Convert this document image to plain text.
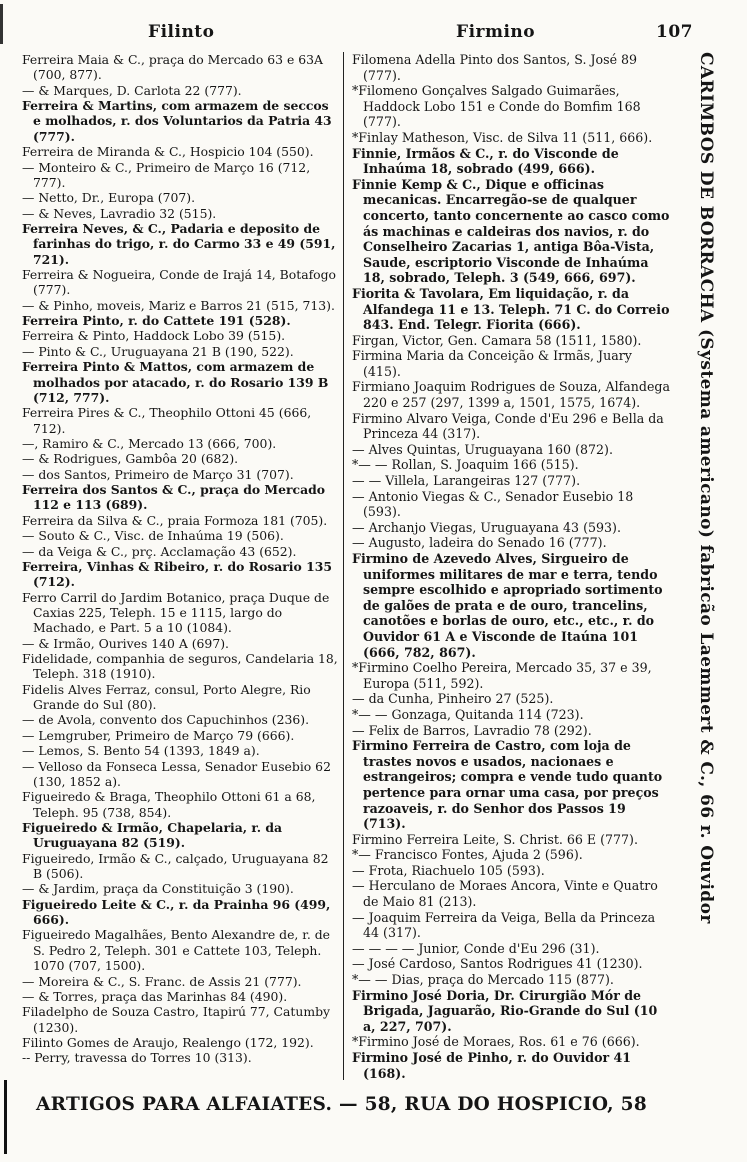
Filinto	Firmino	107
Ferreira Maia & C., praça do Mercado 63 e 63A (700, 877).
— & Marques, D. Carlota 22 (777).
Ferreira & Martins, com armazem de seccos e molhados, r. dos Voluntarios da Patria 43 (777).
Ferreira de Miranda & C., Hospicio 104 (550).
— Monteiro & C., Primeiro de Março 16 (712, 777).
— Netto, Dr., Europa (707).
— & Neves, Lavradio 32 (515).
Ferreira Neves, & C., Padaria e deposito de farinhas do trigo, r. do Carmo 33 e 49 (591, 721).
Ferreira & Nogueira, Conde de Irajá 14, Botafogo (777).
— & Pinho, moveis, Mariz e Barros 21 (515, 713).
Ferreira Pinto, r. do Cattete 191 (528).
Ferreira & Pinto, Haddock Lobo 39 (515).
— Pinto & C., Uruguayana 21 B (190, 522).
Ferreira Pinto & Mattos, com armazem de molhados por atacado, r. do Rosario 139 B (712, 777).
Ferreira Pires & C., Theophilo Ottoni 45 (666, 712).
—, Ramiro & C., Mercado 13 (666, 700).
— & Rodrigues, Gambôa 20 (682).
— dos Santos, Primeiro de Março 31 (707).
Ferreira dos Santos & C., praça do Mercado 112 e 113 (689).
Ferreira da Silva & C., praia Formoza 181 (705).
— Souto & C., Visc. de Inhaúma 19 (506).
— da Veiga & C., prç. Acclamação 43 (652).
Ferreira, Vinhas & Ribeiro, r. do Rosario 135 (712).
Ferro Carril do Jardim Botanico, praça Duque de Caxias 225, Teleph. 15 e 1115, largo do Machado, e Part. 5 a 10 (1084).
— & Irmão, Ourives 140 A (697).
Fidelidade, companhia de seguros, Candelaria 18, Teleph. 318 (1910).
Fidelis Alves Ferraz, consul, Porto Alegre, Rio Grande do Sul (80).
— de Avola, convento dos Capuchinhos (236).
— Lemgruber, Primeiro de Março 79 (666).
— Lemos, S. Bento 54 (1393, 1849 a).
— Velloso da Fonseca Lessa, Senador Eusebio 62 (130, 1852 a).
Figueiredo & Braga, Theophilo Ottoni 61 a 68, Teleph. 95 (738, 854).
Figueiredo & Irmão, Chapelaria, r. da Uruguayana 82 (519).
Figueiredo, Irmão & C., calçado, Uruguayana 82 B (506).
— & Jardim, praça da Constituição 3 (190).
Figueiredo Leite & C., r. da Prainha 96 (499, 666).
Figueiredo Magalhães, Bento Alexandre de, r. de S. Pedro 2, Teleph. 301 e Cattete 103, Teleph. 1070 (707, 1500).
— Moreira & C., S. Franc. de Assis 21 (777).
— & Torres, praça das Marinhas 84 (490).
Filadelpho de Souza Castro, Itapirú 77, Catumby (1230).
Filinto Gomes de Araujo, Realengo (172, 192).
-- Perry, travessa do Torres 10 (313).
Filomena Adella Pinto dos Santos, S. José 89 (777).
*Filomeno Gonçalves Salgado Guimarães, Haddock Lobo 151 e Conde do Bomfim 168 (777).
*Finlay Matheson, Visc. de Silva 11 (511, 666).
Finnie, Irmãos & C., r. do Visconde de Inhaúma 18, sobrado (499, 666).
Finnie Kemp & C., Dique e officinas mecanicas. Encarregão-se de qualquer concerto, tanto concernente ao casco como ás machinas e caldeiras dos navios, r. do Conselheiro Zacarias 1, antiga Bôa-Vista, Saude, escriptorio Visconde de Inhaúma 18, sobrado, Teleph. 3 (549, 666, 697).
Fiorita & Tavolara, Em liquidação, r. da Alfandega 11 e 13. Teleph. 71 C. do Correio 843. End. Telegr. Fiorita (666).
Firgan, Victor, Gen. Camara 58 (1511, 1580).
Firmina Maria da Conceição & Irmãs, Juary (415).
Firmiano Joaquim Rodrigues de Souza, Alfandega 220 e 257 (297, 1399 a, 1501, 1575, 1674).
Firmino Alvaro Veiga, Conde d'Eu 296 e Bella da Princeza 44 (317).
— Alves Quintas, Uruguayana 160 (872).
*— — Rollan, S. Joaquim 166 (515).
— — Villela, Larangeiras 127 (777).
— Antonio Viegas & C., Senador Eusebio 18 (593).
— Archanjo Viegas, Uruguayana 43 (593).
— Augusto, ladeira do Senado 16 (777).
Firmino de Azevedo Alves, Sirgueiro de uniformes militares de mar e terra, tendo sempre escolhido e apropriado sortimento de galões de prata e de ouro, trancelins, canotões e borlas de ouro, etc., etc., r. do Ouvidor 61 A e Visconde de Itaúna 101 (666, 782, 867).
*Firmino Coelho Pereira, Mercado 35, 37 e 39, Europa (511, 592).
— da Cunha, Pinheiro 27 (525).
*— — Gonzaga, Quitanda 114 (723).
— Felix de Barros, Lavradio 78 (292).
Firmino Ferreira de Castro, com loja de trastes novos e usados, nacionaes e estrangeiros; compra e vende tudo quanto pertence para ornar uma casa, por preços razoaveis, r. do Senhor dos Passos 19 (713).
Firmino Ferreira Leite, S. Christ. 66 E (777).
*— Francisco Fontes, Ajuda 2 (596).
— Frota, Riachuelo 105 (593).
— Herculano de Moraes Ancora, Vinte e Quatro de Maio 81 (213).
— Joaquim Ferreira da Veiga, Bella da Princeza 44 (317).
— — — — Junior, Conde d'Eu 296 (31).
— José Cardoso, Santos Rodrigues 41 (1230).
*— — Dias, praça do Mercado 115 (877).
Firmino José Doria, Dr. Cirurgião Mór de Brigada, Jaguarão, Rio-Grande do Sul (10 a, 227, 707).
*Firmino José de Moraes, Ros. 61 e 76 (666).
Firmino José de Pinho, r. do Ouvidor 41 (168).
CARIMBOS DE BORRACHA (Systema americano) fabricão Laemmert & C., 66 r. Ouvidor
ARTIGOS PARA ALFAIATES. — 58, RUA DO HOSPICIO, 58
